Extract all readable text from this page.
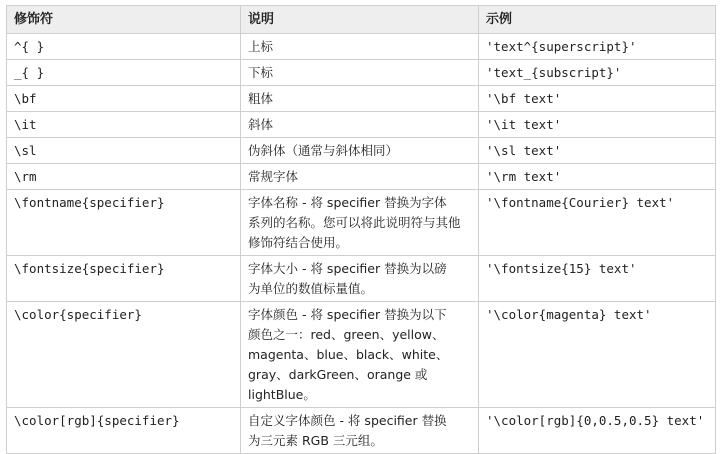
修饰符	说明	示例
^{ }	上标	'text^{superscript}'
_{ }	下标	'text_{subscript}'
\bf	粗体	'\bf text'
\it	斜体	'\it text'
\sl	伪斜体（通常与斜体相同）	'\sl text'
\rm	常规字体	'\rm text'
\fontname{specifier}	字体名称 - 将 specifier 替换为字体
系列的名称。您可以将此说明符与其他
修饰符结合使用。	'\fontname{Courier} text'
\fontsize{specifier}	字体大小 - 将 specifier 替换为以磅
为单位的数值标量值。	'\fontsize{15} text'
\color{specifier}	字体颜色 - 将 specifier 替换为以下
颜色之一：red、green、yellow、
magenta、blue、black、white、
gray、darkGreen、orange 或
lightBlue。	'\color{magenta} text'
\color[rgb]{specifier}	自定义字体颜色 - 将 specifier 替换
为三元素 RGB 三元组。	'\color[rgb]{0,0.5,0.5} text'
